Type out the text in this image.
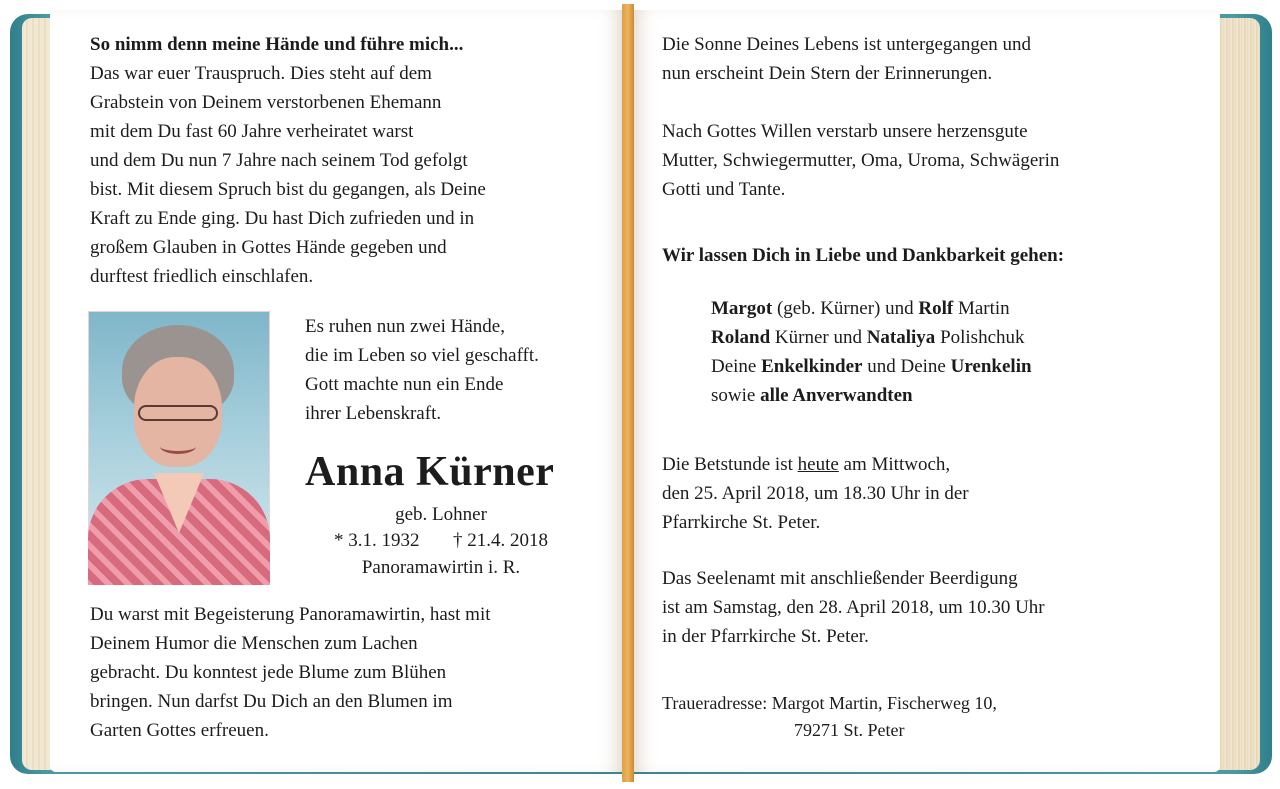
So nimm denn meine Hände und führe mich...
Das war euer Trauspruch. Dies steht auf dem
Grabstein von Deinem verstorbenen Ehemann
mit dem Du fast 60 Jahre verheiratet warst
und dem Du nun 7 Jahre nach seinem Tod gefolgt
bist. Mit diesem Spruch bist du gegangen, als Deine
Kraft zu Ende ging. Du hast Dich zufrieden und in
großem Glauben in Gottes Hände gegeben und
durftest friedlich einschlafen.
Es ruhen nun zwei Hände,
die im Leben so viel geschafft.
Gott machte nun ein Ende
ihrer Lebenskraft.
Anna Kürner
geb. Lohner
* 3.1. 1932 † 21.4. 2018
Panoramawirtin i. R.
Du warst mit Begeisterung Panoramawirtin, hast mit
Deinem Humor die Menschen zum Lachen
gebracht. Du konntest jede Blume zum Blühen
bringen. Nun darfst Du Dich an den Blumen im
Garten Gottes erfreuen.
Die Sonne Deines Lebens ist untergegangen und
nun erscheint Dein Stern der Erinnerungen.
Nach Gottes Willen verstarb unsere herzensgute
Mutter, Schwiegermutter, Oma, Uroma, Schwägerin
Gotti und Tante.
Wir lassen Dich in Liebe und Dankbarkeit gehen:
Margot (geb. Kürner) und Rolf Martin
Roland Kürner und Nataliya Polishchuk
Deine Enkelkinder und Deine Urenkelin
sowie alle Anverwandten
Die Betstunde ist heute am Mittwoch,
den 25. April 2018, um 18.30 Uhr in der
Pfarrkirche St. Peter.
Das Seelenamt mit anschließender Beerdigung
ist am Samstag, den 28. April 2018, um 10.30 Uhr
in der Pfarrkirche St. Peter.
Traueradresse: Margot Martin, Fischerweg 10,
79271 St. Peter
